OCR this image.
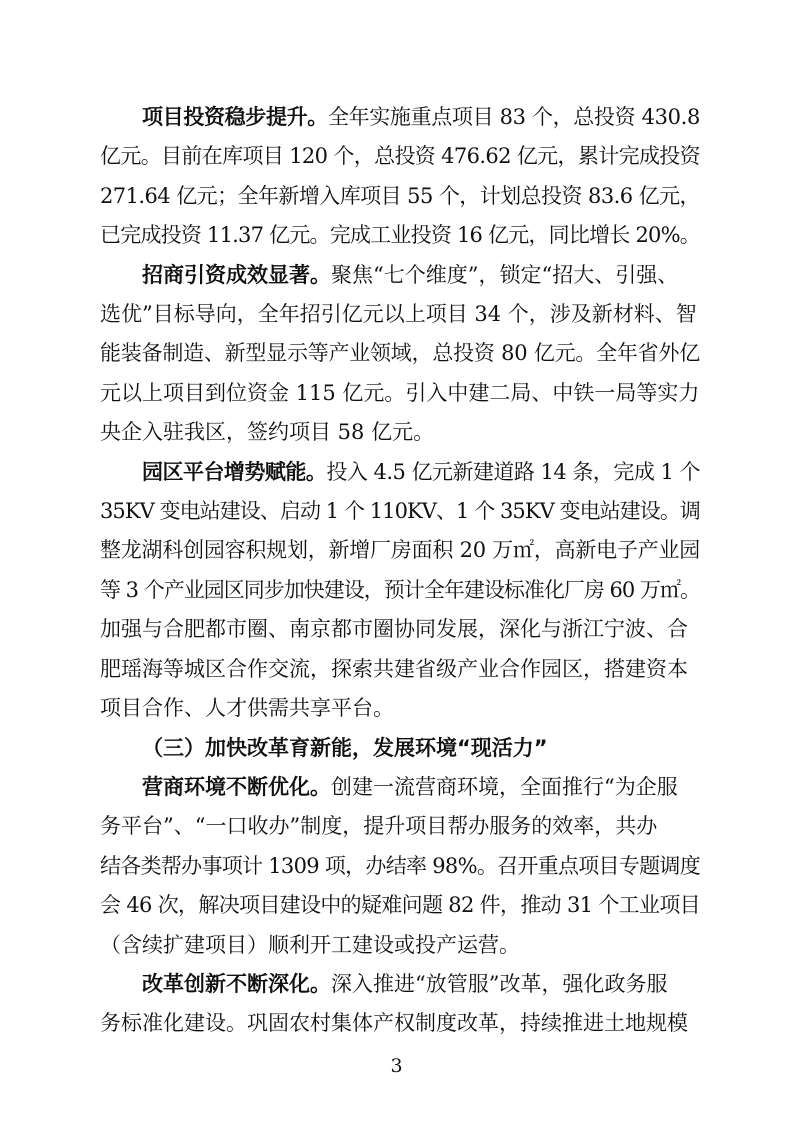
项目投资稳步提升。全年实施重点项目 83 个，总投资 430.8
亿元。目前在库项目 120 个，总投资 476.62 亿元，累计完成投资
271.64 亿元；全年新增入库项目 55 个，计划总投资 83.6 亿元，
已完成投资 11.37 亿元。完成工业投资 16 亿元，同比增长 20%。

招商引资成效显著。聚焦“七个维度”，锁定“招大、引强、
选优”目标导向，全年招引亿元以上项目 34 个，涉及新材料、智
能装备制造、新型显示等产业领域，总投资 80 亿元。全年省外亿
元以上项目到位资金 115 亿元。引入中建二局、中铁一局等实力
央企入驻我区，签约项目 58 亿元。

园区平台增势赋能。投入 4.5 亿元新建道路 14 条，完成 1 个
35KV 变电站建设、启动 1 个 110KV、1 个 35KV 变电站建设。调
整龙湖科创园容积规划，新增厂房面积 20 万㎡，高新电子产业园
等 3 个产业园区同步加快建设，预计全年建设标准化厂房 60 万㎡。
加强与合肥都市圈、南京都市圈协同发展，深化与浙江宁波、合
肥瑶海等城区合作交流，探索共建省级产业合作园区，搭建资本
项目合作、人才供需共享平台。

（三）加快改革育新能，发展环境“现活力”

营商环境不断优化。创建一流营商环境，全面推行“为企服
务平台”、“一口收办”制度，提升项目帮办服务的效率，共办
结各类帮办事项计 1309 项，办结率 98%。召开重点项目专题调度
会 46 次，解决项目建设中的疑难问题 82 件，推动 31 个工业项目
（含续扩建项目）顺利开工建设或投产运营。

改革创新不断深化。深入推进“放管服”改革，强化政务服
务标准化建设。巩固农村集体产权制度改革，持续推进土地规模

3
